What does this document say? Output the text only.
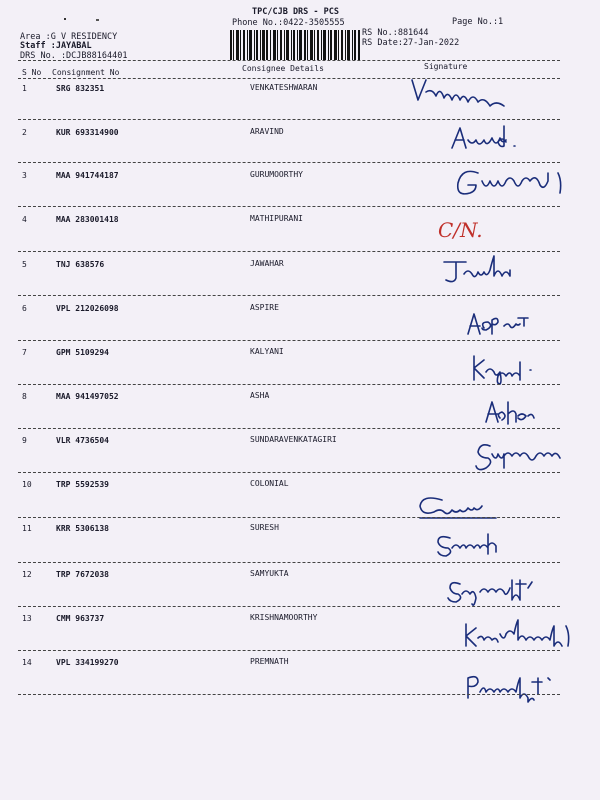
TPC/CJB DRS - PCS
Phone No.:0422-3505555	Page No.:1
Area :G V RESIDENCY
Staff :JAYABAL
DRS No. :DCJB88164401
RS No.:881644
RS Date:27-Jan-2022
S No Consignment No	Consignee Details	Signature
1	SRG 832351	VENKATESHWARAN
2	KUR 693314900	ARAVIND
3	MAA 941744187	GURUMOORTHY
4	MAA 283001418	MATHIPURANI	C/N.
5	TNJ 638576	JAWAHAR
6	VPL 212026098	ASPIRE
7	GPM 5109294	KALYANI
8	MAA 941497052	ASHA
9	VLR 4736504	SUNDARAVENKATAGIRI
10	TRP 5592539	COLONIAL
11	KRR 5306138	SURESH
12	TRP 7672038	SAMYUKTA
13	CMM 963737	KRISHNAMOORTHY
14	VPL 334199270	PREMNATH
